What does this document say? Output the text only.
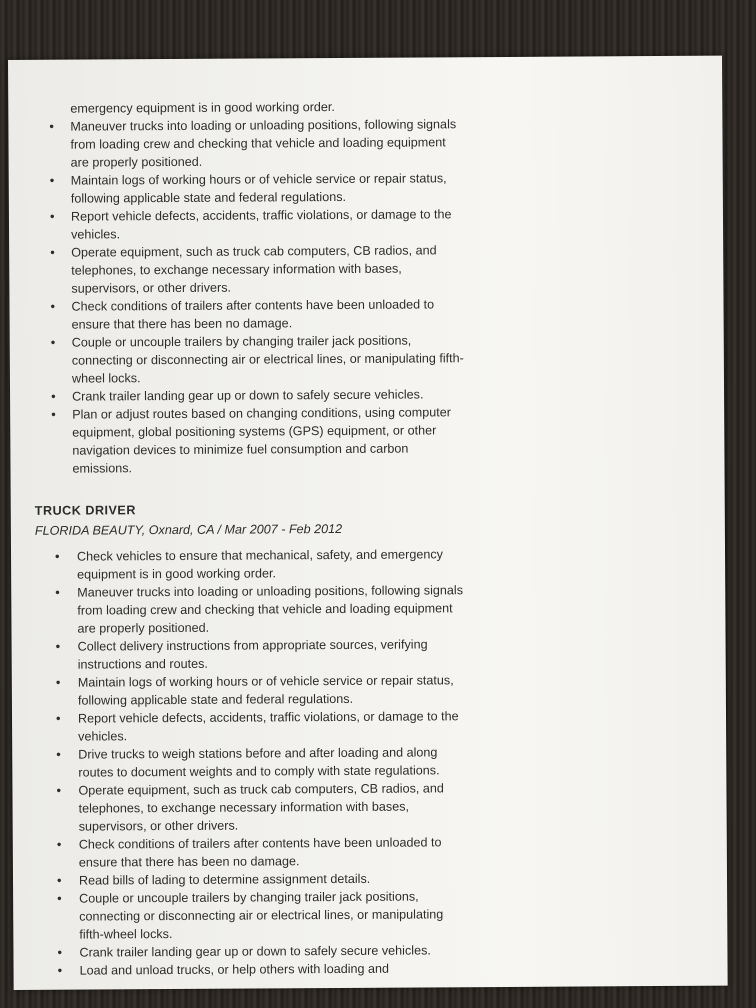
emergency equipment is in good working order.

• Maneuver trucks into loading or unloading positions, following signals from loading crew and checking that vehicle and loading equipment are properly positioned.
• Maintain logs of working hours or of vehicle service or repair status, following applicable state and federal regulations.
• Report vehicle defects, accidents, traffic violations, or damage to the vehicles.
• Operate equipment, such as truck cab computers, CB radios, and telephones, to exchange necessary information with bases, supervisors, or other drivers.
• Check conditions of trailers after contents have been unloaded to ensure that there has been no damage.
• Couple or uncouple trailers by changing trailer jack positions, connecting or disconnecting air or electrical lines, or manipulating fifth-wheel locks.
• Crank trailer landing gear up or down to safely secure vehicles.
• Plan or adjust routes based on changing conditions, using computer equipment, global positioning systems (GPS) equipment, or other navigation devices to minimize fuel consumption and carbon emissions.
TRUCK DRIVER
FLORIDA BEAUTY, Oxnard, CA / Mar 2007 - Feb 2012
• Check vehicles to ensure that mechanical, safety, and emergency equipment is in good working order.
• Maneuver trucks into loading or unloading positions, following signals from loading crew and checking that vehicle and loading equipment are properly positioned.
• Collect delivery instructions from appropriate sources, verifying instructions and routes.
• Maintain logs of working hours or of vehicle service or repair status, following applicable state and federal regulations.
• Report vehicle defects, accidents, traffic violations, or damage to the vehicles.
• Drive trucks to weigh stations before and after loading and along routes to document weights and to comply with state regulations.
• Operate equipment, such as truck cab computers, CB radios, and telephones, to exchange necessary information with bases, supervisors, or other drivers.
• Check conditions of trailers after contents have been unloaded to ensure that there has been no damage.
• Read bills of lading to determine assignment details.
• Couple or uncouple trailers by changing trailer jack positions, connecting or disconnecting air or electrical lines, or manipulating fifth-wheel locks.
• Crank trailer landing gear up or down to safely secure vehicles.
• Load and unload trucks, or help others with loading and
